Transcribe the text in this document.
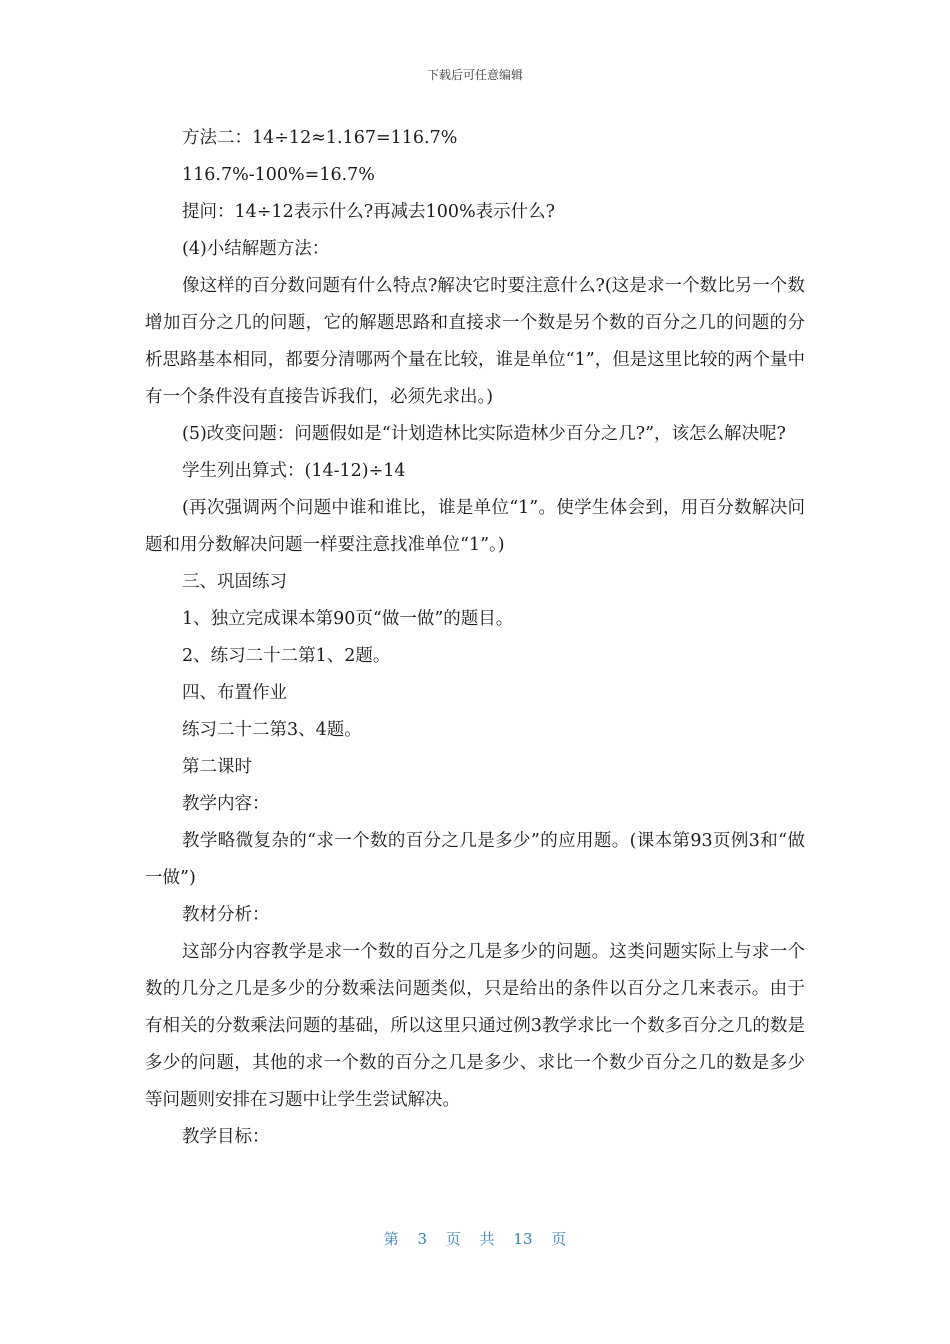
下载后可任意编辑

方法二：14÷12≈1.167=116.7%

116.7%-100%=16.7%

提问：14÷12表示什么?再减去100%表示什么?

(4)小结解题方法：

像这样的百分数问题有什么特点?解决它时要注意什么?(这是求一个数比另一个数增加百分之几的问题，它的解题思路和直接求一个数是另个数的百分之几的问题的分析思路基本相同，都要分清哪两个量在比较，谁是单位“1”，但是这里比较的两个量中有一个条件没有直接告诉我们，必须先求出。)

(5)改变问题：问题假如是“计划造林比实际造林少百分之几?”，该怎么解决呢?

学生列出算式：(14-12)÷14

(再次强调两个问题中谁和谁比，谁是单位“1”。使学生体会到，用百分数解决问题和用分数解决问题一样要注意找准单位“1”。)

三、巩固练习

1、独立完成课本第90页“做一做”的题目。

2、练习二十二第1、2题。

四、布置作业

练习二十二第3、4题。

第二课时

教学内容：

教学略微复杂的“求一个数的百分之几是多少”的应用题。(课本第93页例3和“做一做”)

教材分析：

这部分内容教学是求一个数的百分之几是多少的问题。这类问题实际上与求一个数的几分之几是多少的分数乘法问题类似，只是给出的条件以百分之几来表示。由于有相关的分数乘法问题的基础，所以这里只通过例3教学求比一个数多百分之几的数是多少的问题，其他的求一个数的百分之几是多少、求比一个数少百分之几的数是多少等问题则安排在习题中让学生尝试解决。

教学目标：

第 3 页 共 13 页
